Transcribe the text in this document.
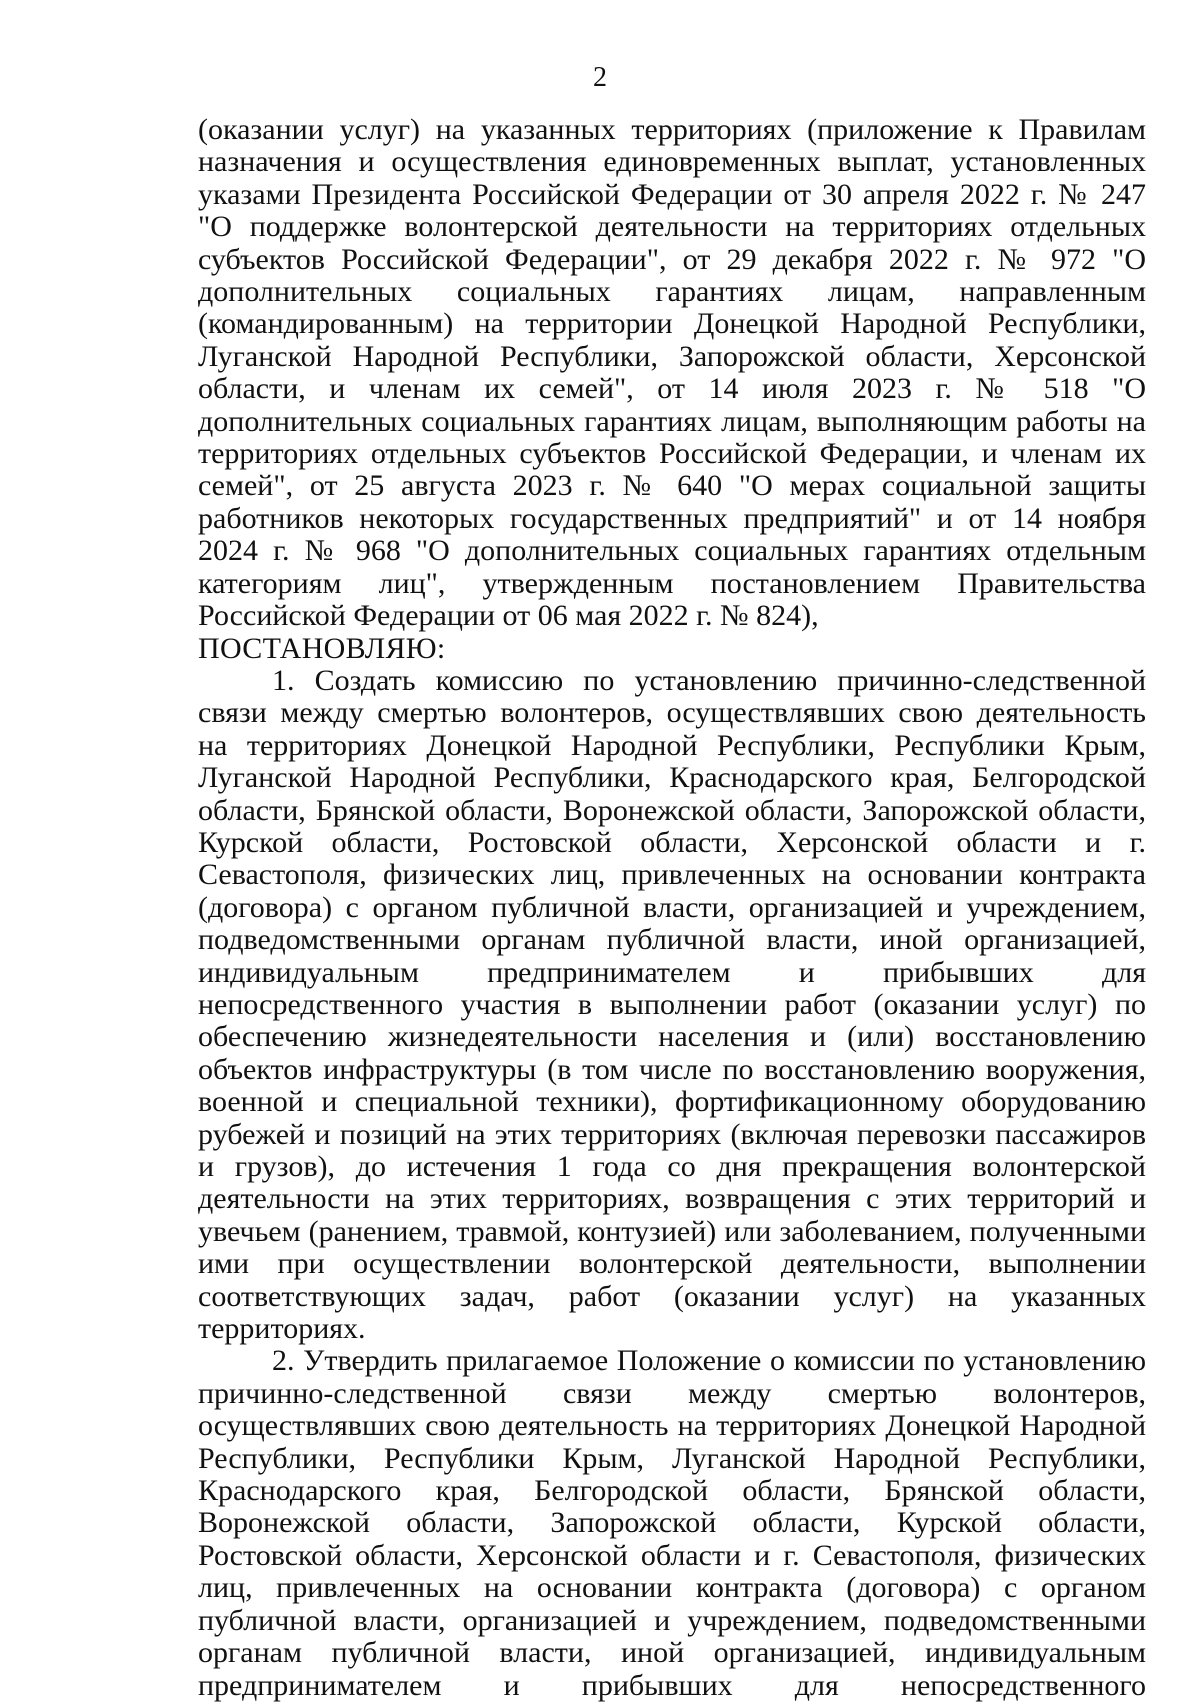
2

(оказании услуг) на указанных территориях (приложение к Правилам назначения и осуществления единовременных выплат, установленных указами Президента Российской Федерации от 30 апреля 2022 г. № 247 "О поддержке волонтерской деятельности на территориях отдельных субъектов Российской Федерации", от 29 декабря 2022 г. № 972 "О дополнительных социальных гарантиях лицам, направленным (командированным) на территории Донецкой Народной Республики, Луганской Народной Республики, Запорожской области, Херсонской области, и членам их семей", от 14 июля 2023 г. № 518 "О дополнительных социальных гарантиях лицам, выполняющим работы на территориях отдельных субъектов Российской Федерации, и членам их семей", от 25 августа 2023 г. № 640 "О мерах социальной защиты работников некоторых государственных предприятий" и от 14 ноября 2024 г. № 968 "О дополнительных социальных гарантиях отдельным категориям лиц", утвержденным постановлением Правительства Российской Федерации от 06 мая 2022 г. № 824),

ПОСТАНОВЛЯЮ:

1. Создать комиссию по установлению причинно-следственной связи между смертью волонтеров, осуществлявших свою деятельность на территориях Донецкой Народной Республики, Республики Крым, Луганской Народной Республики, Краснодарского края, Белгородской области, Брянской области, Воронежской области, Запорожской области, Курской области, Ростовской области, Херсонской области и г. Севастополя, физических лиц, привлеченных на основании контракта (договора) с органом публичной власти, организацией и учреждением, подведомственными органам публичной власти, иной организацией, индивидуальным предпринимателем и прибывших для непосредственного участия в выполнении работ (оказании услуг) по обеспечению жизнедеятельности населения и (или) восстановлению объектов инфраструктуры (в том числе по восстановлению вооружения, военной и специальной техники), фортификационному оборудованию рубежей и позиций на этих территориях (включая перевозки пассажиров и грузов), до истечения 1 года со дня прекращения волонтерской деятельности на этих территориях, возвращения с этих территорий и увечьем (ранением, травмой, контузией) или заболеванием, полученными ими при осуществлении волонтерской деятельности, выполнении соответствующих задач, работ (оказании услуг) на указанных территориях.

2. Утвердить прилагаемое Положение о комиссии по установлению причинно-следственной связи между смертью волонтеров, осуществлявших свою деятельность на территориях Донецкой Народной Республики, Республики Крым, Луганской Народной Республики, Краснодарского края, Белгородской области, Брянской области, Воронежской области, Запорожской области, Курской области, Ростовской области, Херсонской области и г. Севастополя, физических лиц, привлеченных на основании контракта (договора) с органом публичной власти, организацией и учреждением, подведомственными органам публичной власти, иной организацией, индивидуальным предпринимателем и прибывших для непосредственного
